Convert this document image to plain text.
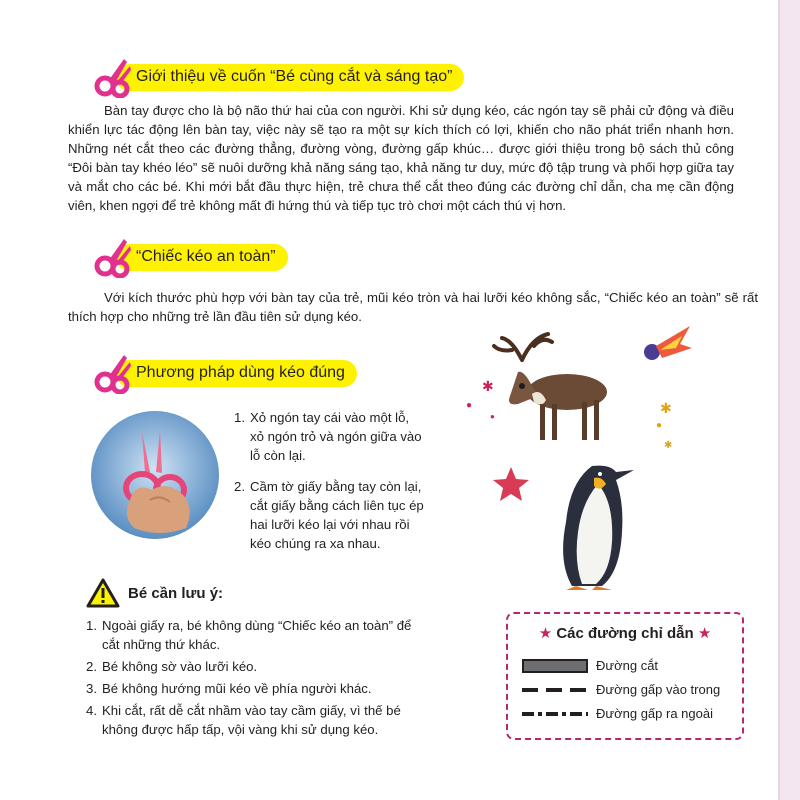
Giới thiệu về cuốn “Bé cùng cắt và sáng tạo”

Bàn tay được cho là bộ não thứ hai của con người. Khi sử dụng kéo, các ngón tay sẽ phải cử động và điều khiển lực tác động lên bàn tay, việc này sẽ tạo ra một sự kích thích có lợi, khiến cho não phát triển nhanh hơn. Những nét cắt theo các đường thẳng, đường vòng, đường gấp khúc… được giới thiệu trong bộ sách thủ công “Đôi bàn tay khéo léo” sẽ nuôi dưỡng khả năng sáng tạo, khả năng tư duy, mức độ tập trung và phối hợp giữa tay và mắt cho các bé. Khi mới bắt đầu thực hiện, trẻ chưa thể cắt theo đúng các đường chỉ dẫn, cha mẹ cần động viên, khen ngợi để trẻ không mất đi hứng thú và tiếp tục trò chơi một cách thú vị hơn.

“Chiếc kéo an toàn”

Với kích thước phù hợp với bàn tay của trẻ, mũi kéo tròn và hai lưỡi kéo không sắc, “Chiếc kéo an toàn” sẽ rất thích hợp cho những trẻ lần đầu tiên sử dụng kéo.

Phương pháp dùng kéo đúng
1. Xỏ ngón tay cái vào một lỗ, xỏ ngón trỏ và ngón giữa vào lỗ còn lại.
2. Cầm tờ giấy bằng tay còn lại, cắt giấy bằng cách liên tục ép hai lưỡi kéo lại với nhau rồi kéo chúng ra xa nhau.
✱
●
●
✱
●
✱
Bé cần lưu ý:
1. Ngoài giấy ra, bé không dùng “Chiếc kéo an toàn” để cắt những thứ khác.
2. Bé không sờ vào lưỡi kéo.
3. Bé không hướng mũi kéo về phía người khác.
4. Khi cắt, rất dễ cắt nhầm vào tay cầm giấy, vì thế bé không được hấp tấp, vội vàng khi sử dụng kéo.
★ Các đường chỉ dẫn ★
Đường cắt
Đường gấp vào trong
Đường gấp ra ngoài
